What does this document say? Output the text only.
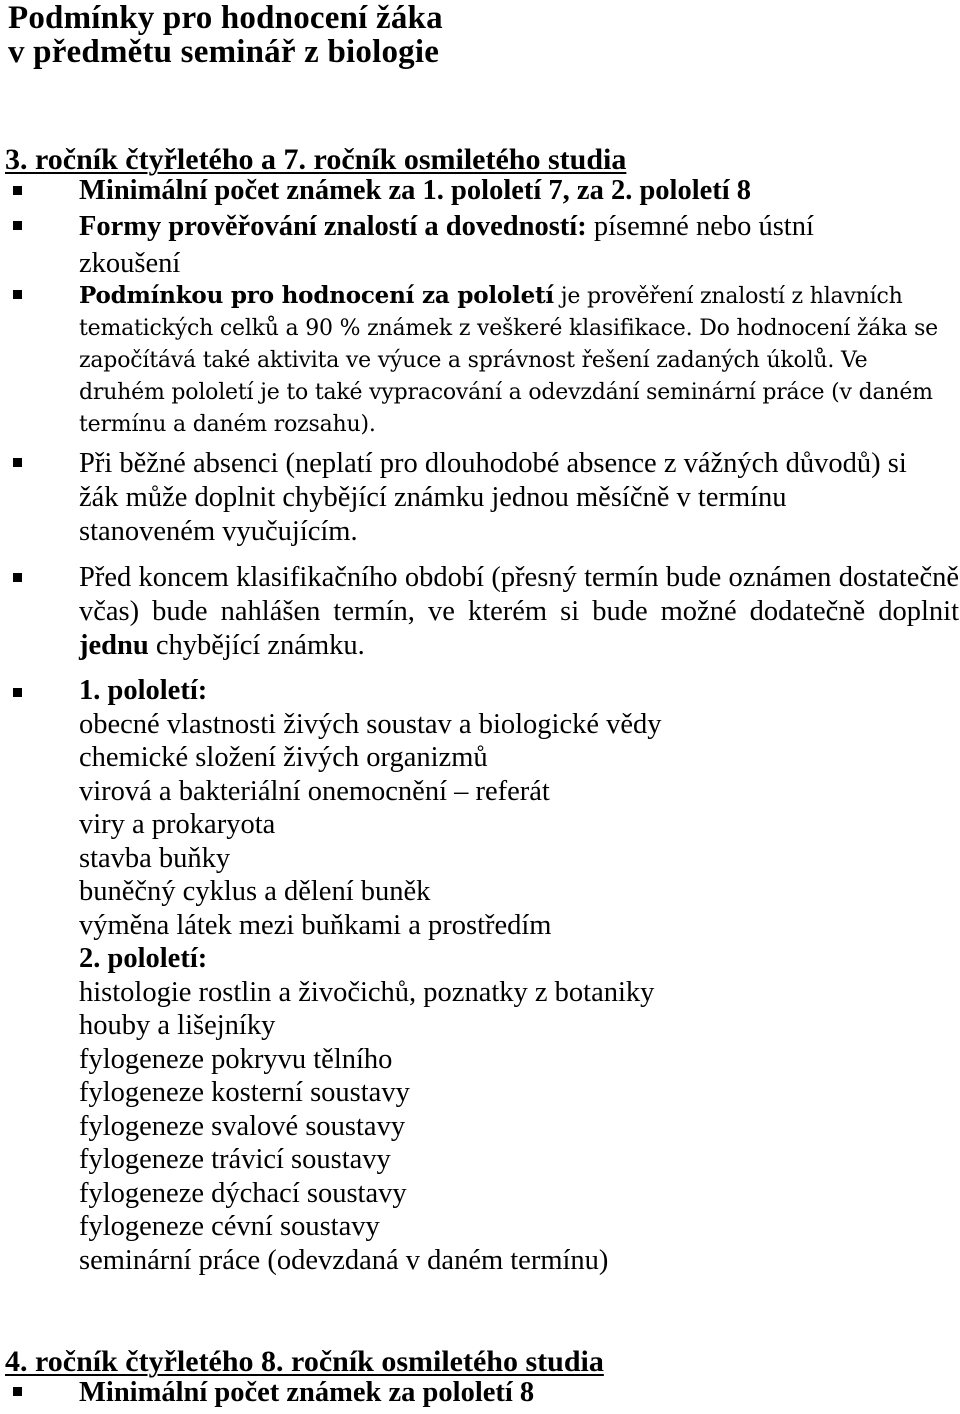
Podmínky pro hodnocení žáka
v předmětu seminář z biologie
3. ročník čtyřletého a 7. ročník osmiletého studia

Minimální počet známek za 1. pololetí 7, za 2. pololetí 8

Formy prověřování znalostí a dovedností: písemné nebo ústní zkoušení

Podmínkou pro hodnocení za pololetí je prověření znalostí z hlavních tematických celků a 90 % známek z veškeré klasifikace. Do hodnocení žáka se započítává také aktivita ve výuce a správnost řešení zadaných úkolů. Ve druhém pololetí je to také vypracování a odevzdání seminární práce (v daném termínu a daném rozsahu).

Při běžné absenci (neplatí pro dlouhodobé absence z vážných důvodů) si žák může doplnit chybějící známku jednou měsíčně v termínu stanoveném vyučujícím.

Před koncem klasifikačního období (přesný termín bude oznámen dostatečně včas) bude nahlášen termín, ve kterém si bude možné dodatečně doplnit jednu chybějící známku.

1. pololetí:
obecné vlastnosti živých soustav a biologické vědy
chemické složení živých organizmů
virová a bakteriální onemocnění – referát
viry a prokaryota
stavba buňky
buněčný cyklus a dělení buněk
výměna látek mezi buňkami a prostředím
2. pololetí:
histologie rostlin a živočichů, poznatky z botaniky
houby a lišejníky
fylogeneze pokryvu tělního
fylogeneze kosterní soustavy
fylogeneze svalové soustavy
fylogeneze trávicí soustavy
fylogeneze dýchací soustavy
fylogeneze cévní soustavy
seminární práce (odevzdaná v daném termínu)
4. ročník čtyřletého 8. ročník osmiletého studia

Minimální počet známek za pololetí 8
